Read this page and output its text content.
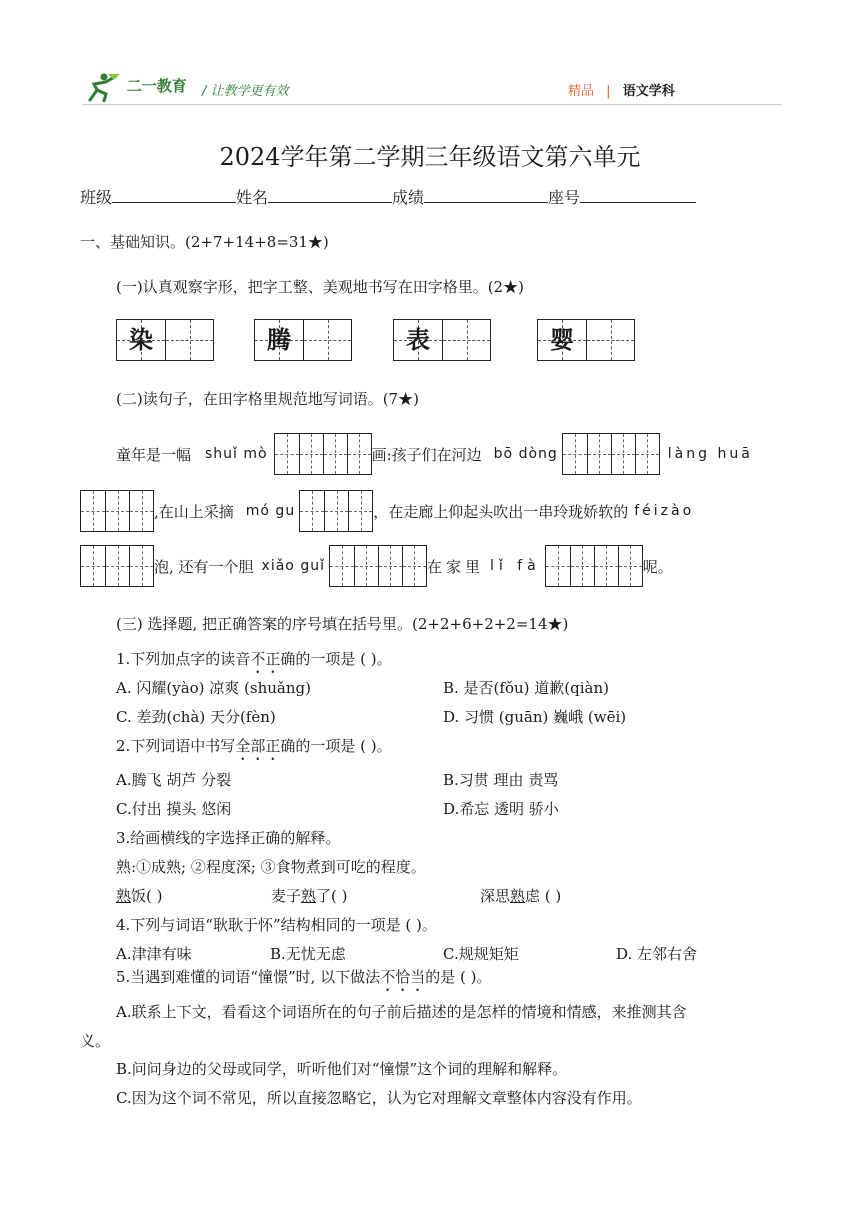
二一教育 / 让教学更有效	精品 | 语文学科
2024学年第二学期三年级语文第六单元
班级	姓名	成绩	座号
一、基础知识。(2+7+14+8=31★)
(一)认真观察字形，把字工整、美观地书写在田字格里。(2★)
染	腾	表	婴
(二)读句子，在田字格里规范地写词语。(7★)
童年是一幅 shuǐ mò	画:孩子们在河边 bō dòng	làng huā
,在山上采摘 mó gu	，在走廊上仰起头吹出一串玲珑娇软的 féizào
泡, 还有一个胆 xiǎo guǐ	在家里 lǐ fà	呢。
(三) 选择题, 把正确答案的序号填在括号里。(2+2+6+2+2=14★)
1.下列加点字的读音不正确的一项是 ( )。
A. 闪耀(yào) 凉爽 (shuǎng)	B. 是否(fǒu) 道歉(qiàn)
C. 差劲(chà) 天分(fèn)	D. 习惯 (guān) 巍峨 (wēi)
2.下列词语中书写全部正确的一项是 ( )。
A.腾飞 胡芦 分裂	B.习贯 理由 责骂
C.付出 摸头 悠闲	D.希忘 透明 骄小
3.给画横线的字选择正确的解释。
熟:①成熟; ②程度深; ③食物煮到可吃的程度。
熟饭( )	麦子熟了( )	深思熟虑 ( )
4.下列与词语“耿耿于怀”结构相同的一项是 ( )。
A.津津有味	B.无忧无虑	C.规规矩矩	D. 左邻右舍
5.当遇到难懂的词语“憧憬”时, 以下做法不恰当的是 ( )。
A.联系上下文，看看这个词语所在的句子前后描述的是怎样的情境和情感，来推测其含
义。
B.问问身边的父母或同学，听听他们对“憧憬”这个词的理解和解释。
C.因为这个词不常见，所以直接忽略它，认为它对理解文章整体内容没有作用。
